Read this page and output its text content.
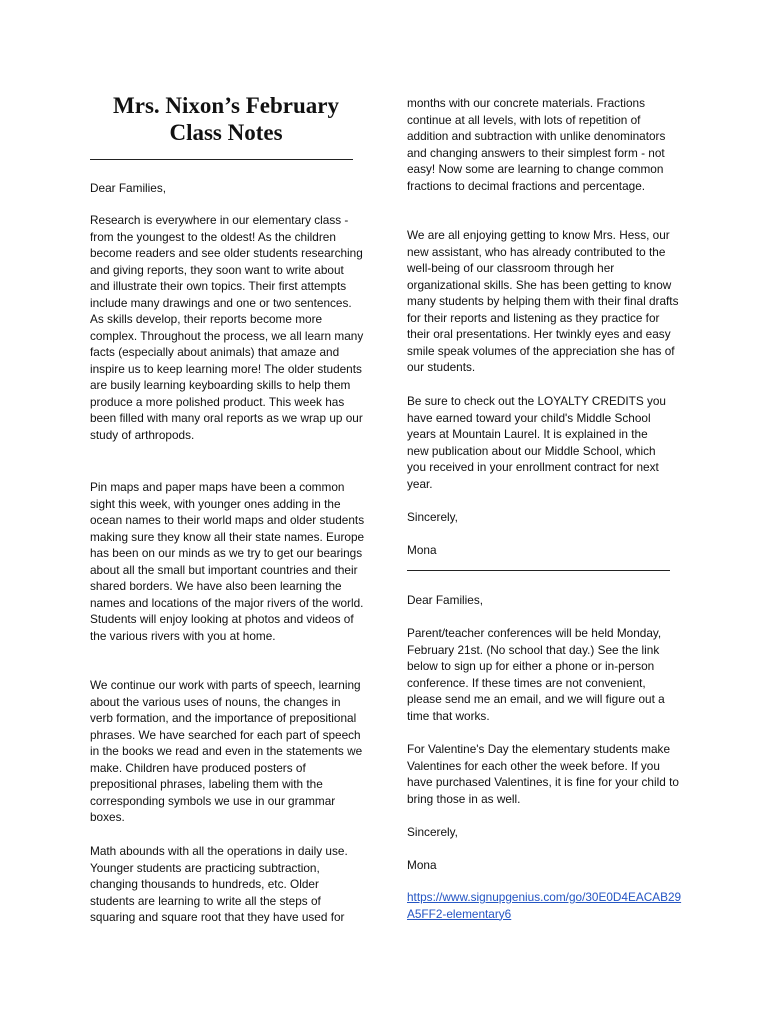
Mrs. Nixon’s February Class Notes

Dear Families,

Research is everywhere in our elementary class - from the youngest to the oldest! As the children become readers and see older students researching and giving reports, they soon want to write about and illustrate their own topics. Their first attempts include many drawings and one or two sentences. As skills develop, their reports become more complex. Throughout the process, we all learn many facts (especially about animals) that amaze and inspire us to keep learning more! The older students are busily learning keyboarding skills to help them produce a more polished product. This week has been filled with many oral reports as we wrap up our study of arthropods.

Pin maps and paper maps have been a common sight this week, with younger ones adding in the ocean names to their world maps and older students making sure they know all their state names. Europe has been on our minds as we try to get our bearings about all the small but important countries and their shared borders. We have also been learning the names and locations of the major rivers of the world. Students will enjoy looking at photos and videos of the various rivers with you at home.

We continue our work with parts of speech, learning about the various uses of nouns, the changes in verb formation, and the importance of prepositional phrases. We have searched for each part of speech in the books we read and even in the statements we make. Children have produced posters of prepositional phrases, labeling them with the corresponding symbols we use in our grammar boxes.

Math abounds with all the operations in daily use. Younger students are practicing subtraction, changing thousands to hundreds, etc. Older students are learning to write all the steps of squaring and square root that they have used for

months with our concrete materials. Fractions continue at all levels, with lots of repetition of addition and subtraction with unlike denominators and changing answers to their simplest form - not easy! Now some are learning to change common fractions to decimal fractions and percentage.

We are all enjoying getting to know Mrs. Hess, our new assistant, who has already contributed to the well-being of our classroom through her organizational skills. She has been getting to know many students by helping them with their final drafts for their reports and listening as they practice for their oral presentations. Her twinkly eyes and easy smile speak volumes of the appreciation she has of our students.

Be sure to check out the LOYALTY CREDITS you have earned toward your child's Middle School years at Mountain Laurel. It is explained in the new publication about our Middle School, which you received in your enrollment contract for next year.

Sincerely,

Mona

Dear Families,

Parent/teacher conferences will be held Monday, February 21st. (No school that day.) See the link below to sign up for either a phone or in-person conference. If these times are not convenient, please send me an email, and we will figure out a time that works.

For Valentine's Day the elementary students make Valentines for each other the week before. If you have purchased Valentines, it is fine for your child to bring those in as well.

Sincerely,

Mona

https://www.signupgenius.com/go/30E0D4EACAB29A5FF2-elementary6
